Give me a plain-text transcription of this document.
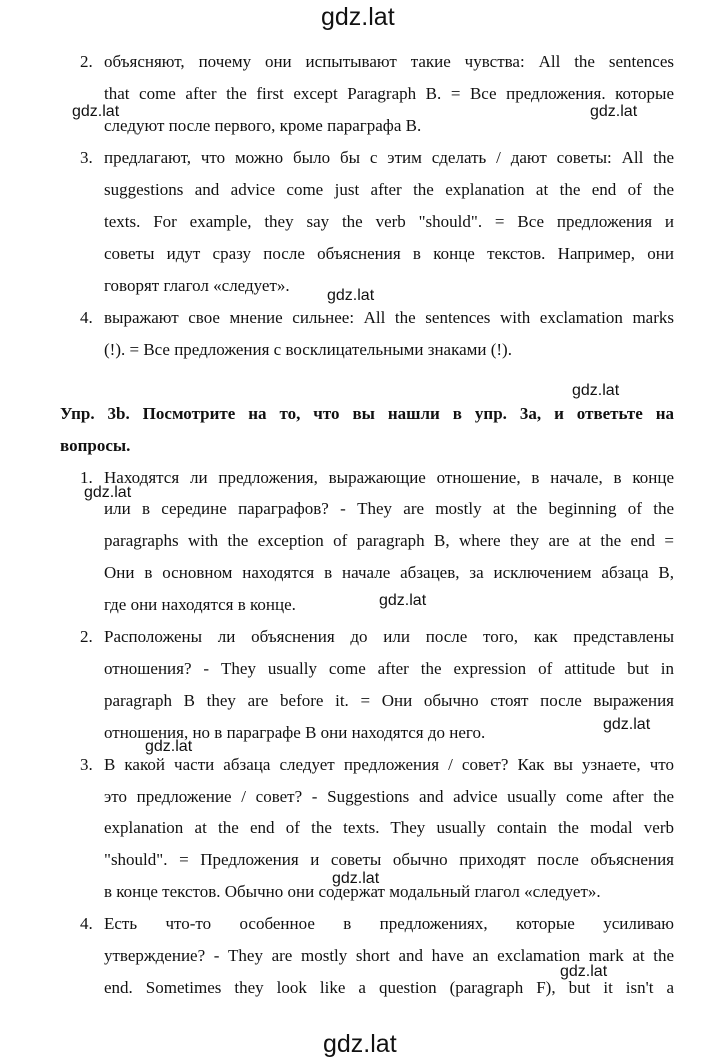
gdz.lat
gdz.lat
2. объясняют, почему они испытывают такие чувства: All the sentences
that come after the first except Paragraph B. = Все предложения. которые
следуют после первого, кроме параграфа B.
3. предлагают, что можно было бы с этим сделать / дают советы: All the
suggestions and advice come just after the explanation at the end of the
texts. For example, they say the verb "should". = Все предложения и
советы идут сразу после объяснения в конце текстов. Например, они
говорят глагол «следует».
4. выражают свое мнение сильнее: All the sentences with exclamation marks
(!). = Все предложения с восклицательными знаками (!).
Упр. 3b. Посмотрите на то, что вы нашли в упр. 3a, и ответьте на
вопросы.
1. Находятся ли предложения, выражающие отношение, в начале, в конце
или в середине параграфов? - They are mostly at the beginning of the
paragraphs with the exception of paragraph B, where they are at the end =
Они в основном находятся в начале абзацев, за исключением абзаца B,
где они находятся в конце.
2. Расположены ли объяснения до или после того, как представлены
отношения? - They usually come after the expression of attitude but in
paragraph B they are before it. = Они обычно стоят после выражения
отношения, но в параграфе B они находятся до него.
3. В какой части абзаца следует предложения / совет? Как вы узнаете, что
это предложение / совет? - Suggestions and advice usually come after the
explanation at the end of the texts. They usually contain the modal verb
"should". = Предложения и советы обычно приходят после объяснения
в конце текстов. Обычно они содержат модальный глагол «следует».
4. Есть что-то особенное в предложениях, которые усиливаю
утверждение? - They are mostly short and have an exclamation mark at the
end. Sometimes they look like a question (paragraph F), but it isn't a
gdz.lat	gdz.lat
gdz.lat
gdz.lat
gdz.lat
gdz.lat
gdz.lat
gdz.lat
gdz.lat
gdz.lat
